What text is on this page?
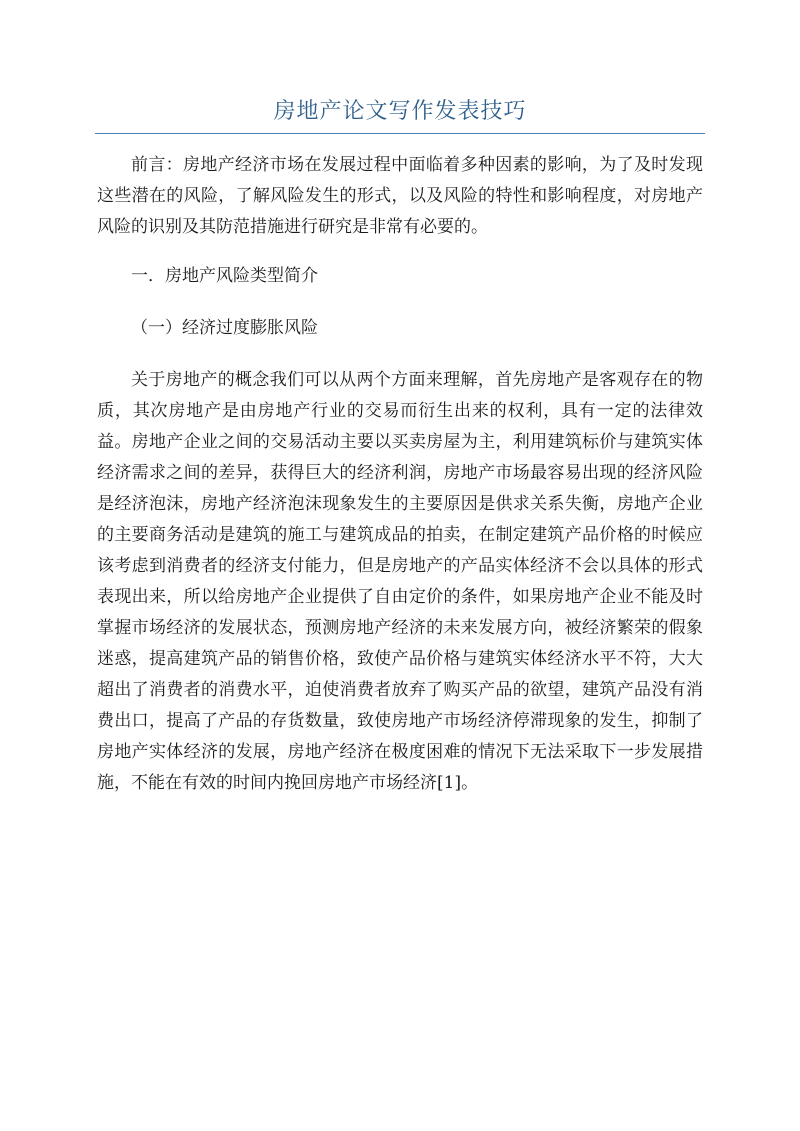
房地产论文写作发表技巧

前言：房地产经济市场在发展过程中面临着多种因素的影响，为了及时发现这些潜在的风险，了解风险发生的形式，以及风险的特性和影响程度，对房地产风险的识别及其防范措施进行研究是非常有必要的。

一．房地产风险类型简介

（一）经济过度膨胀风险

关于房地产的概念我们可以从两个方面来理解，首先房地产是客观存在的物质，其次房地产是由房地产行业的交易而衍生出来的权利，具有一定的法律效益。房地产企业之间的交易活动主要以买卖房屋为主，利用建筑标价与建筑实体经济需求之间的差异，获得巨大的经济利润，房地产市场最容易出现的经济风险是经济泡沫，房地产经济泡沫现象发生的主要原因是供求关系失衡，房地产企业的主要商务活动是建筑的施工与建筑成品的拍卖，在制定建筑产品价格的时候应该考虑到消费者的经济支付能力，但是房地产的产品实体经济不会以具体的形式表现出来，所以给房地产企业提供了自由定价的条件，如果房地产企业不能及时掌握市场经济的发展状态，预测房地产经济的未来发展方向，被经济繁荣的假象迷惑，提高建筑产品的销售价格，致使产品价格与建筑实体经济水平不符，大大超出了消费者的消费水平，迫使消费者放弃了购买产品的欲望，建筑产品没有消费出口，提高了产品的存货数量，致使房地产市场经济停滞现象的发生，抑制了房地产实体经济的发展，房地产经济在极度困难的情况下无法采取下一步发展措施，不能在有效的时间内挽回房地产市场经济[1]。
